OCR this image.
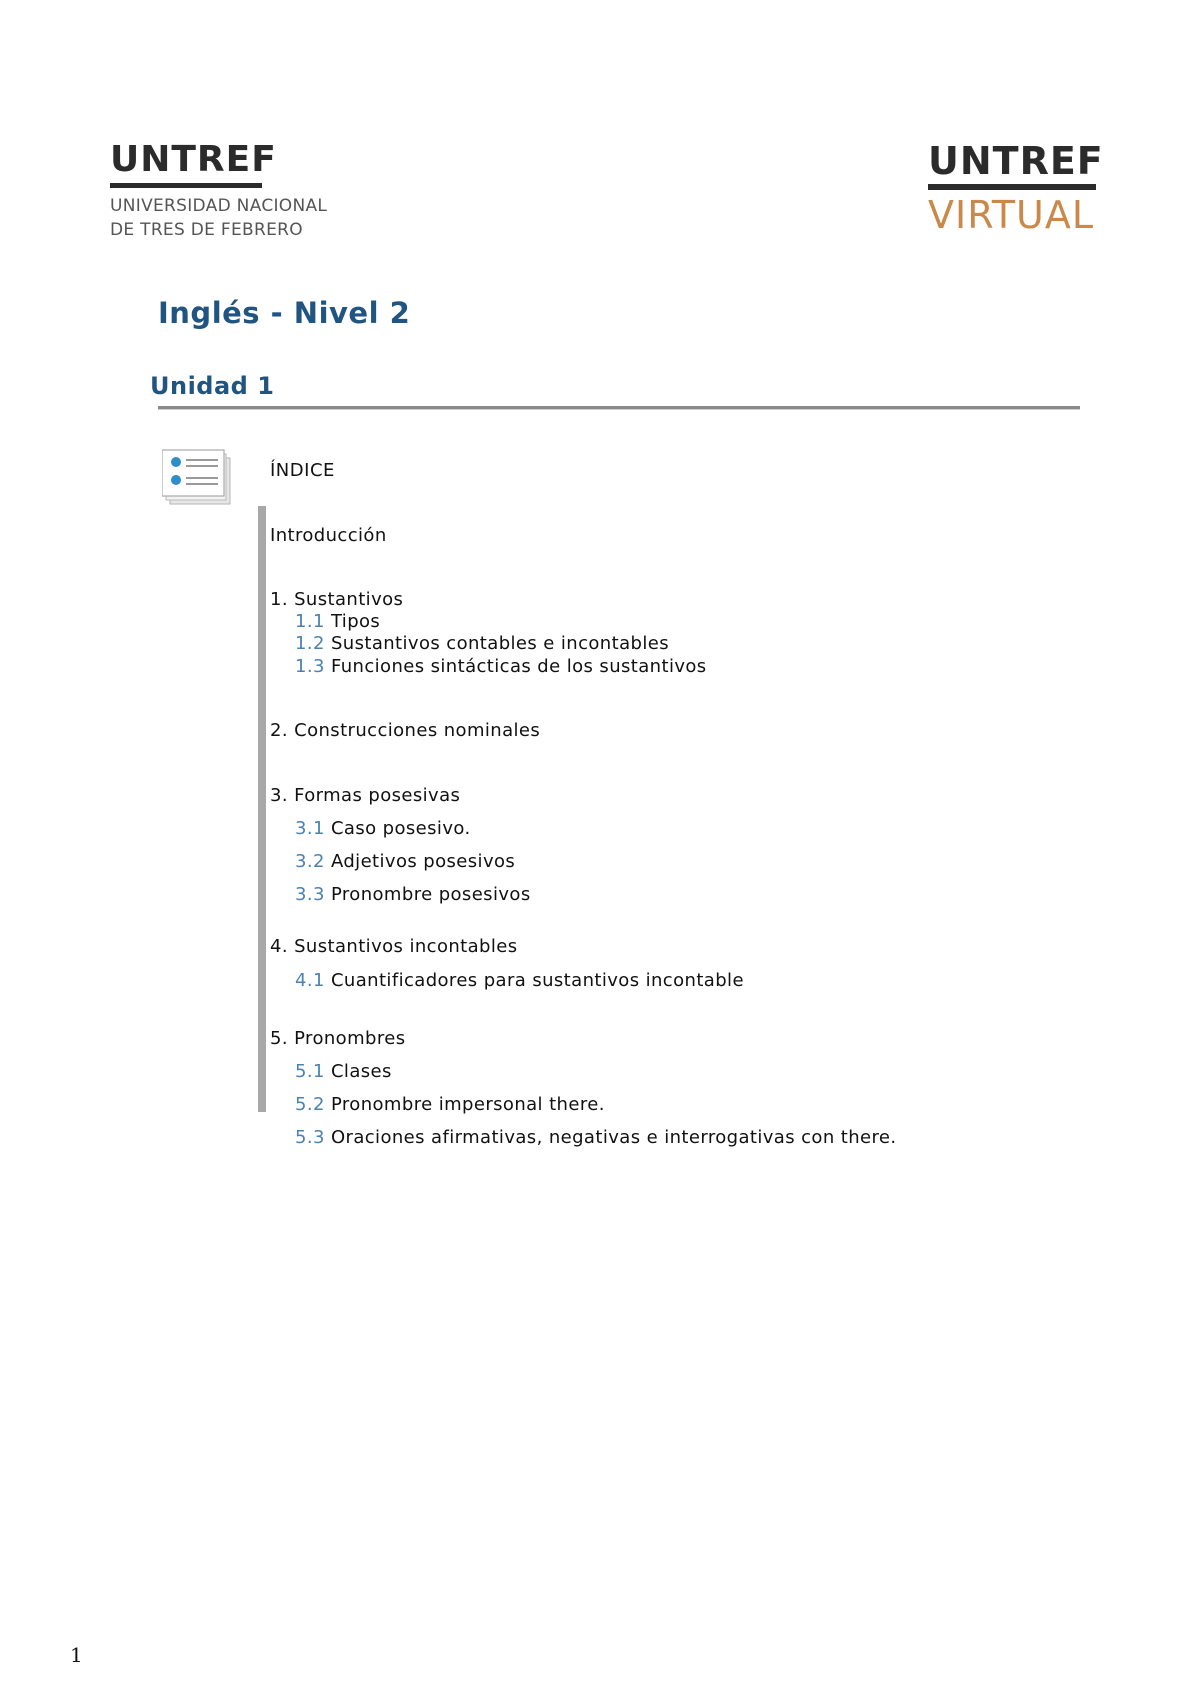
UNTREF
UNIVERSIDAD NACIONAL
DE TRES DE FEBRERO
UNTREF
VIRTUAL
Inglés - Nivel 2
Unidad 1
ÍNDICE
Introducción
1. Sustantivos
1.1 Tipos
1.2 Sustantivos contables e incontables
1.3 Funciones sintácticas de los sustantivos
2. Construcciones nominales
3. Formas posesivas
3.1 Caso posesivo.
3.2 Adjetivos posesivos
3.3 Pronombre posesivos
4. Sustantivos incontables
4.1 Cuantificadores para sustantivos incontable
5. Pronombres
5.1 Clases
5.2 Pronombre impersonal there.
5.3 Oraciones afirmativas, negativas e interrogativas con there.
1
